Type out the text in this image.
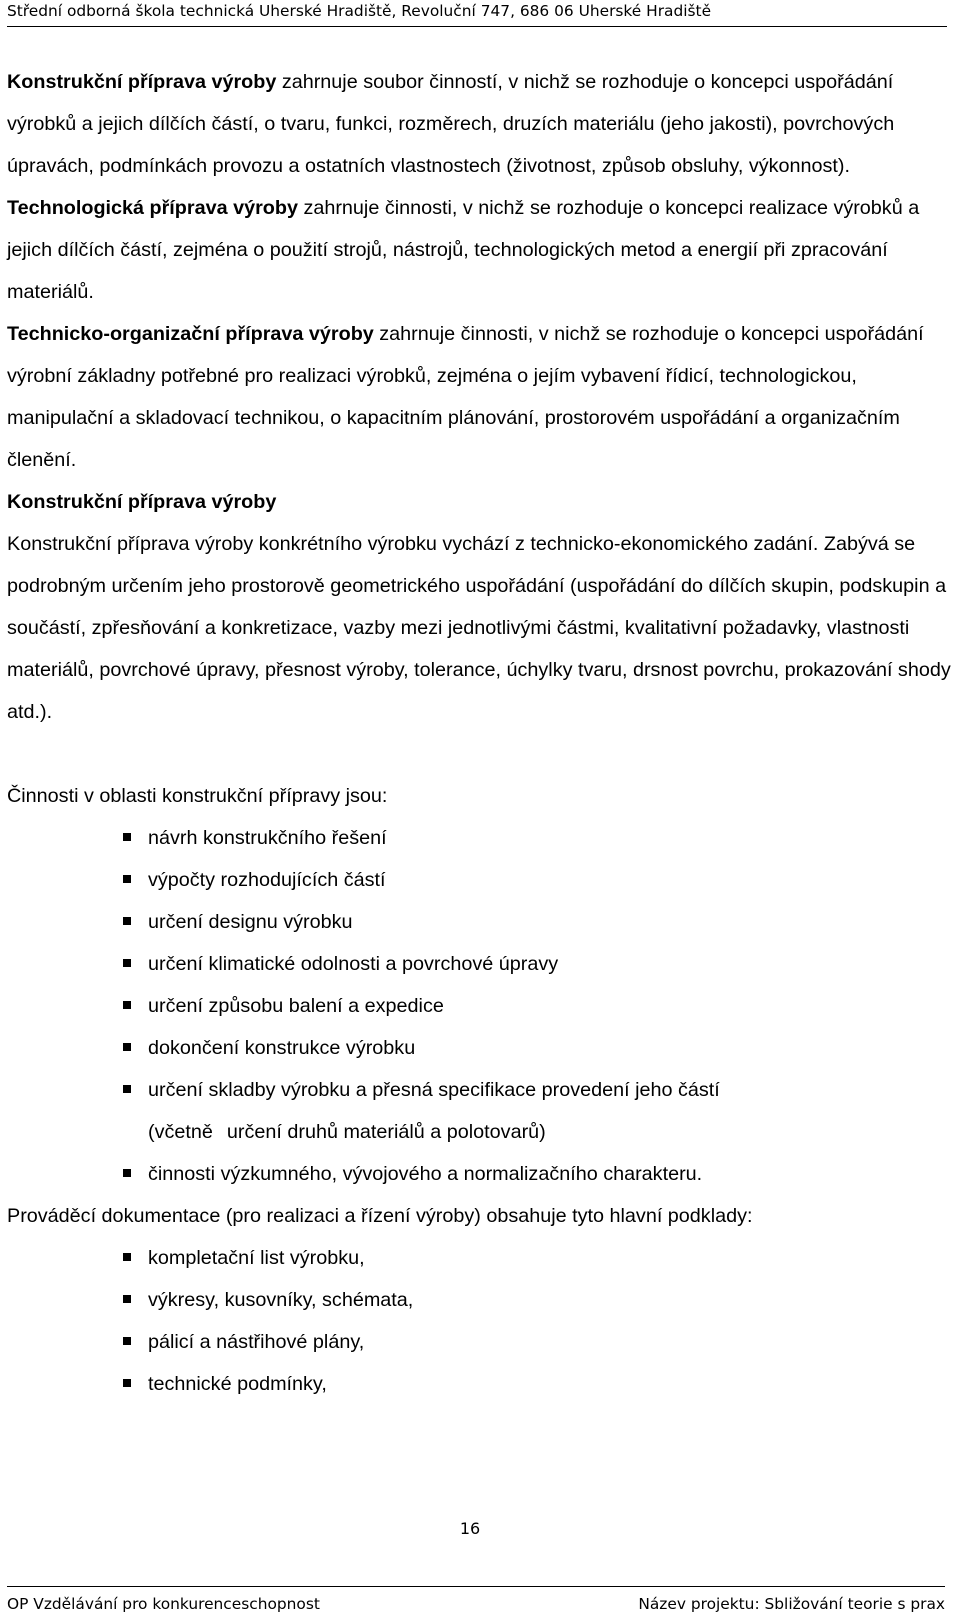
Střední odborná škola technická Uherské Hradiště, Revoluční 747, 686 06 Uherské Hradiště

Konstrukční příprava výroby zahrnuje soubor činností, v nichž se rozhoduje o koncepci uspořádání výrobků a jejich dílčích částí, o tvaru, funkci, rozměrech, druzích materiálu (jeho jakosti), povrchových úpravách, podmínkách provozu a ostatních vlastnostech (životnost, způsob obsluhy, výkonnost).

Technologická příprava výroby zahrnuje činnosti, v nichž se rozhoduje o koncepci realizace výrobků a jejich dílčích částí, zejména o použití strojů, nástrojů, technologických metod a energií při zpracování materiálů.

Technicko-organizační příprava výroby zahrnuje činnosti, v nichž se rozhoduje o koncepci uspořádání výrobní základny potřebné pro realizaci výrobků, zejména o jejím vybavení řídicí, technologickou, manipulační a skladovací technikou, o kapacitním plánování, prostorovém uspořádání a organizačním členění.

Konstrukční příprava výroby

Konstrukční příprava výroby konkrétního výrobku vychází z technicko-ekonomického zadání. Zabývá se podrobným určením jeho prostorově geometrického uspořádání (uspořádání do dílčích skupin, podskupin a součástí, zpřesňování a konkretizace, vazby mezi jednotlivými částmi, kvalitativní požadavky, vlastnosti materiálů, povrchové úpravy, přesnost výroby, tolerance, úchylky tvaru, drsnost povrchu, prokazování shody atd.).

Činnosti v oblasti konstrukční přípravy jsou:

návrh konstrukčního řešení
výpočty rozhodujících částí
určení designu výrobku
určení klimatické odolnosti a povrchové úpravy
určení způsobu balení a expedice
dokončení konstrukce výrobku
určení skladby výrobku a přesná specifikace provedení jeho částí
(včetně určení druhů materiálů a polotovarů)
činnosti výzkumného, vývojového a normalizačního charakteru.

Prováděcí dokumentace (pro realizaci a řízení výroby) obsahuje tyto hlavní podklady:

kompletační list výrobku,
výkresy, kusovníky, schémata,
pálicí a nástřihové plány,
technické podmínky,
16
OP Vzdělávání pro konkurenceschopnost	Název projektu: Sbližování teorie s prax
